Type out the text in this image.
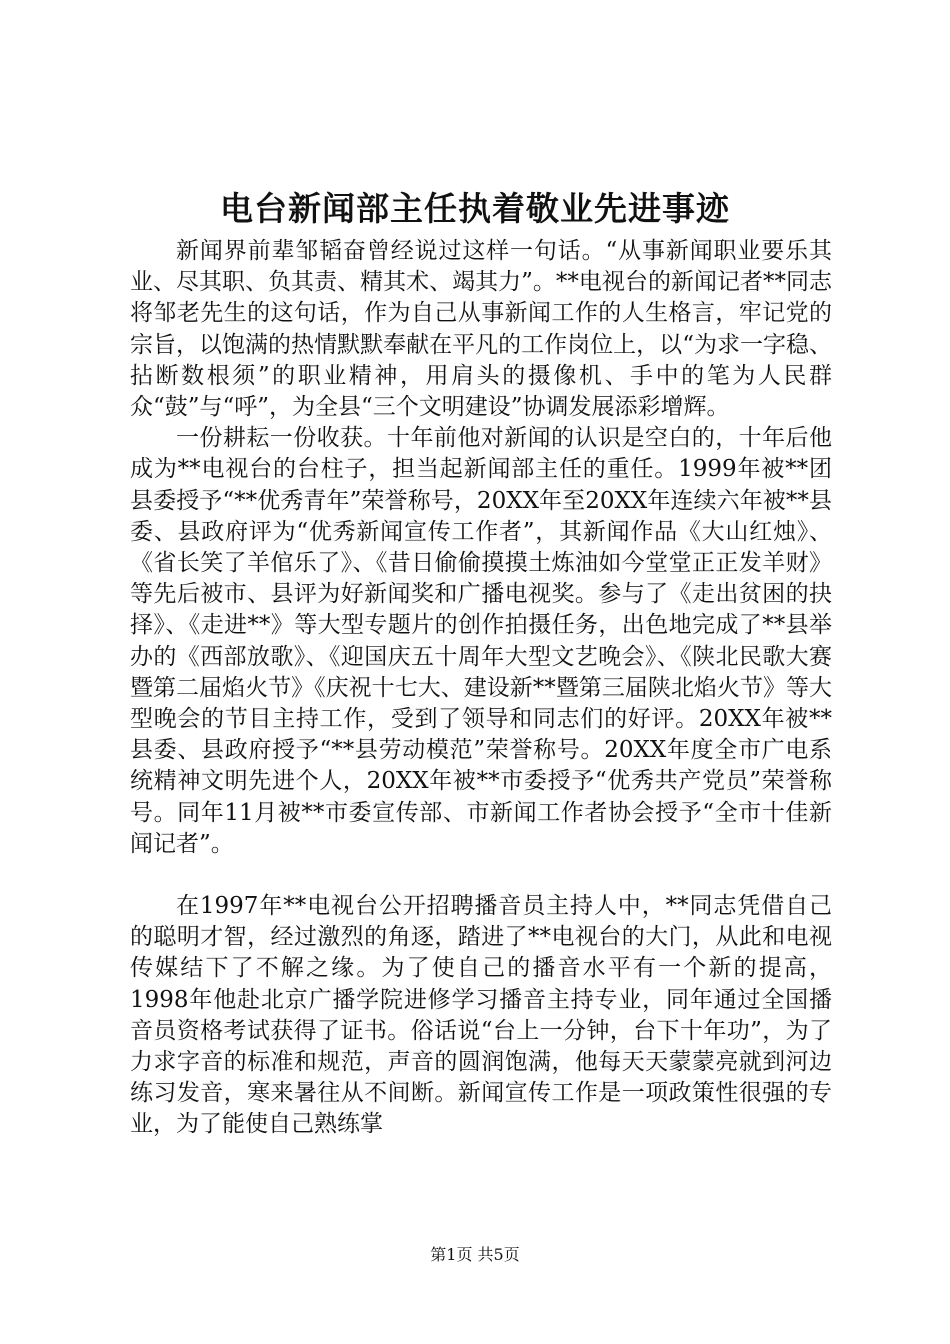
电台新闻部主任执着敬业先进事迹

新闻界前辈邹韬奋曾经说过这样一句话。“从事新闻职业要乐其业、尽其职、负其责、精其术、竭其力”。**电视台的新闻记者**同志将邹老先生的这句话，作为自己从事新闻工作的人生格言，牢记党的宗旨，以饱满的热情默默奉献在平凡的工作岗位上，以“为求一字稳、拈断数根须”的职业精神，用肩头的摄像机、手中的笔为人民群众“鼓”与“呼”，为全县“三个文明建设”协调发展添彩增辉。

一份耕耘一份收获。十年前他对新闻的认识是空白的，十年后他成为**电视台的台柱子，担当起新闻部主任的重任。1999年被**团县委授予“**优秀青年”荣誉称号，20XX年至20XX年连续六年被**县委、县政府评为“优秀新闻宣传工作者”，其新闻作品《大山红烛》、《省长笑了羊倌乐了》、《昔日偷偷摸摸土炼油如今堂堂正正发羊财》等先后被市、县评为好新闻奖和广播电视奖。参与了《走出贫困的抉择》、《走进**》等大型专题片的创作拍摄任务，出色地完成了**县举办的《西部放歌》、《迎国庆五十周年大型文艺晚会》、《陕北民歌大赛暨第二届焰火节》《庆祝十七大、建设新**暨第三届陕北焰火节》等大型晚会的节目主持工作，受到了领导和同志们的好评。20XX年被**县委、县政府授予“**县劳动模范”荣誉称号。20XX年度全市广电系统精神文明先进个人，20XX年被**市委授予“优秀共产党员”荣誉称号。同年11月被**市委宣传部、市新闻工作者协会授予“全市十佳新闻记者”。

在1997年**电视台公开招聘播音员主持人中，**同志凭借自己的聪明才智，经过激烈的角逐，踏进了**电视台的大门，从此和电视传媒结下了不解之缘。为了使自己的播音水平有一个新的提高，1998年他赴北京广播学院进修学习播音主持专业，同年通过全国播音员资格考试获得了证书。俗话说“台上一分钟，台下十年功”，为了力求字音的标准和规范，声音的圆润饱满，他每天天蒙蒙亮就到河边练习发音，寒来暑往从不间断。新闻宣传工作是一项政策性很强的专业，为了能使自己熟练掌

第1页 共5页
